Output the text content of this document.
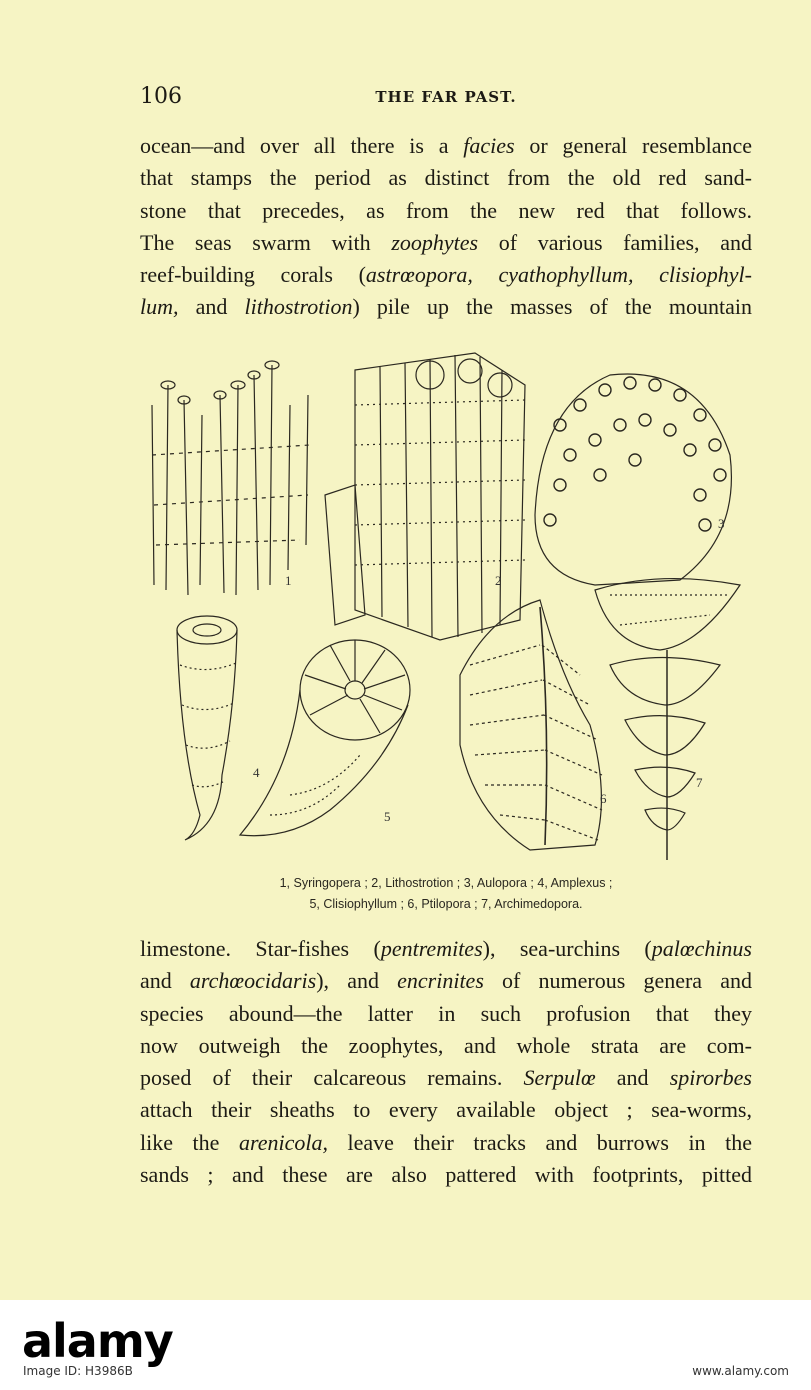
106	THE FAR PAST.
ocean—and over all there is a facies or general resemblance
that stamps the period as distinct from the old red sand-
stone that precedes, as from the new red that follows.
The seas swarm with zoophytes of various families, and
reef-building corals (astrœopora, cyathophyllum, clisiophyl-
lum, and lithostrotion) pile up the masses of the mountain
1	2
3
4
5
6
7
1, Syringopera ; 2, Lithostrotion ; 3, Aulopora ; 4, Amplexus ;
5, Clisiophyllum ; 6, Ptilopora ; 7, Archimedopora.
limestone. Star-fishes (pentremites), sea-urchins (palœchinus
and archœocidaris), and encrinites of numerous genera and
species abound—the latter in such profusion that they
now outweigh the zoophytes, and whole strata are com-
posed of their calcareous remains. Serpulœ and spirorbes
attach their sheaths to every available object ; sea-worms,
like the arenicola, leave their tracks and burrows in the
sands ; and these are also pattered with footprints, pitted
alamy
Image ID: H3986B	www.alamy.com
